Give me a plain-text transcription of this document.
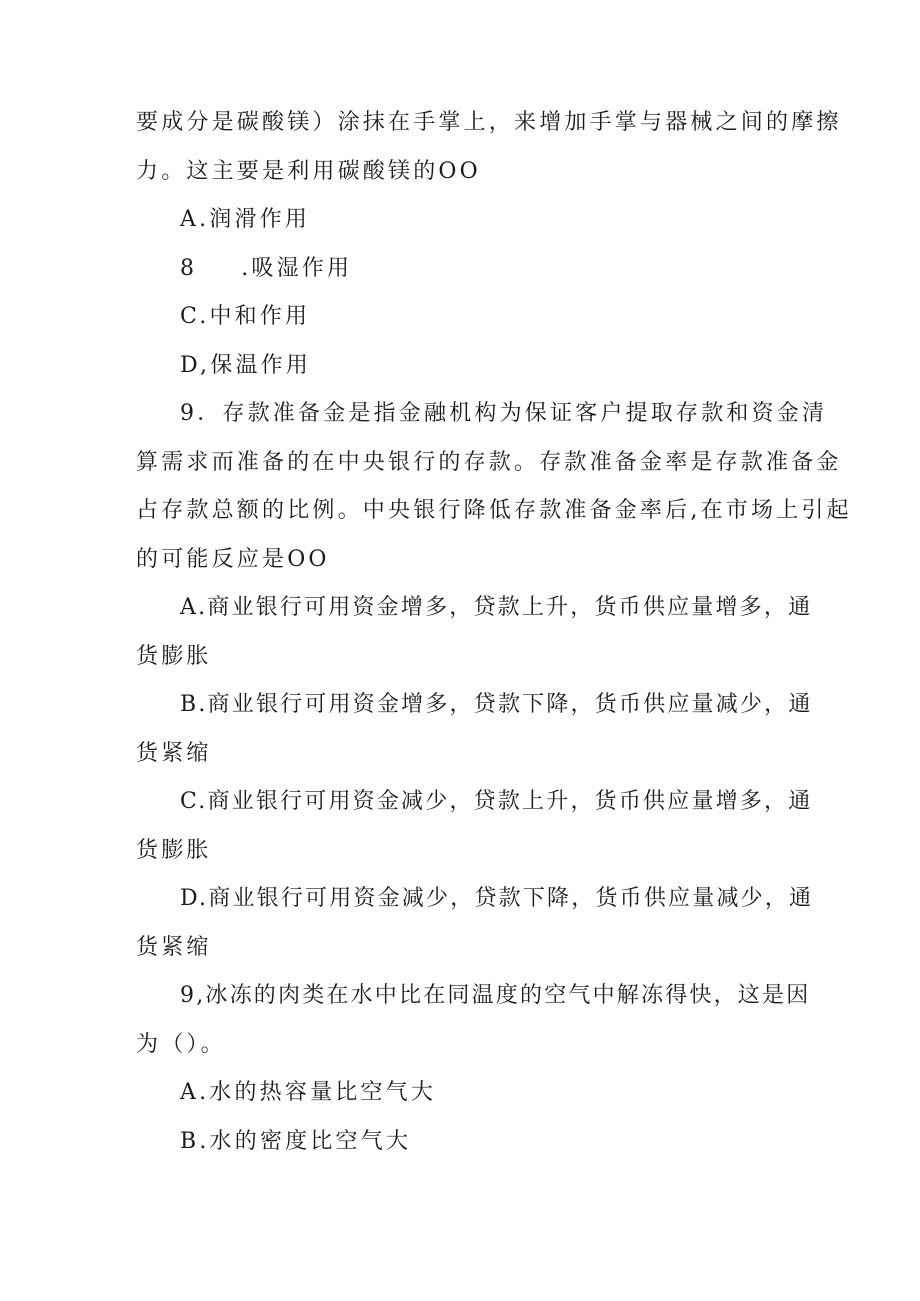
要成分是碳酸镁）涂抹在手掌上，来增加手掌与器械之间的摩擦
力。这主要是利用碳酸镁的OO
A.润滑作用
8 .吸湿作用
C.中和作用
D,保温作用
9．存款准备金是指金融机构为保证客户提取存款和资金清
算需求而准备的在中央银行的存款。存款准备金率是存款准备金
占存款总额的比例。中央银行降低存款准备金率后,在市场上引起
的可能反应是OO
A.商业银行可用资金增多，贷款上升，货币供应量增多，通
货膨胀
B.商业银行可用资金增多，贷款下降，货币供应量减少，通
货紧缩
C.商业银行可用资金减少，贷款上升，货币供应量增多，通
货膨胀
D.商业银行可用资金减少，贷款下降，货币供应量减少，通
货紧缩
9,冰冻的肉类在水中比在同温度的空气中解冻得快，这是因
为（）。
A.水的热容量比空气大
B.水的密度比空气大
